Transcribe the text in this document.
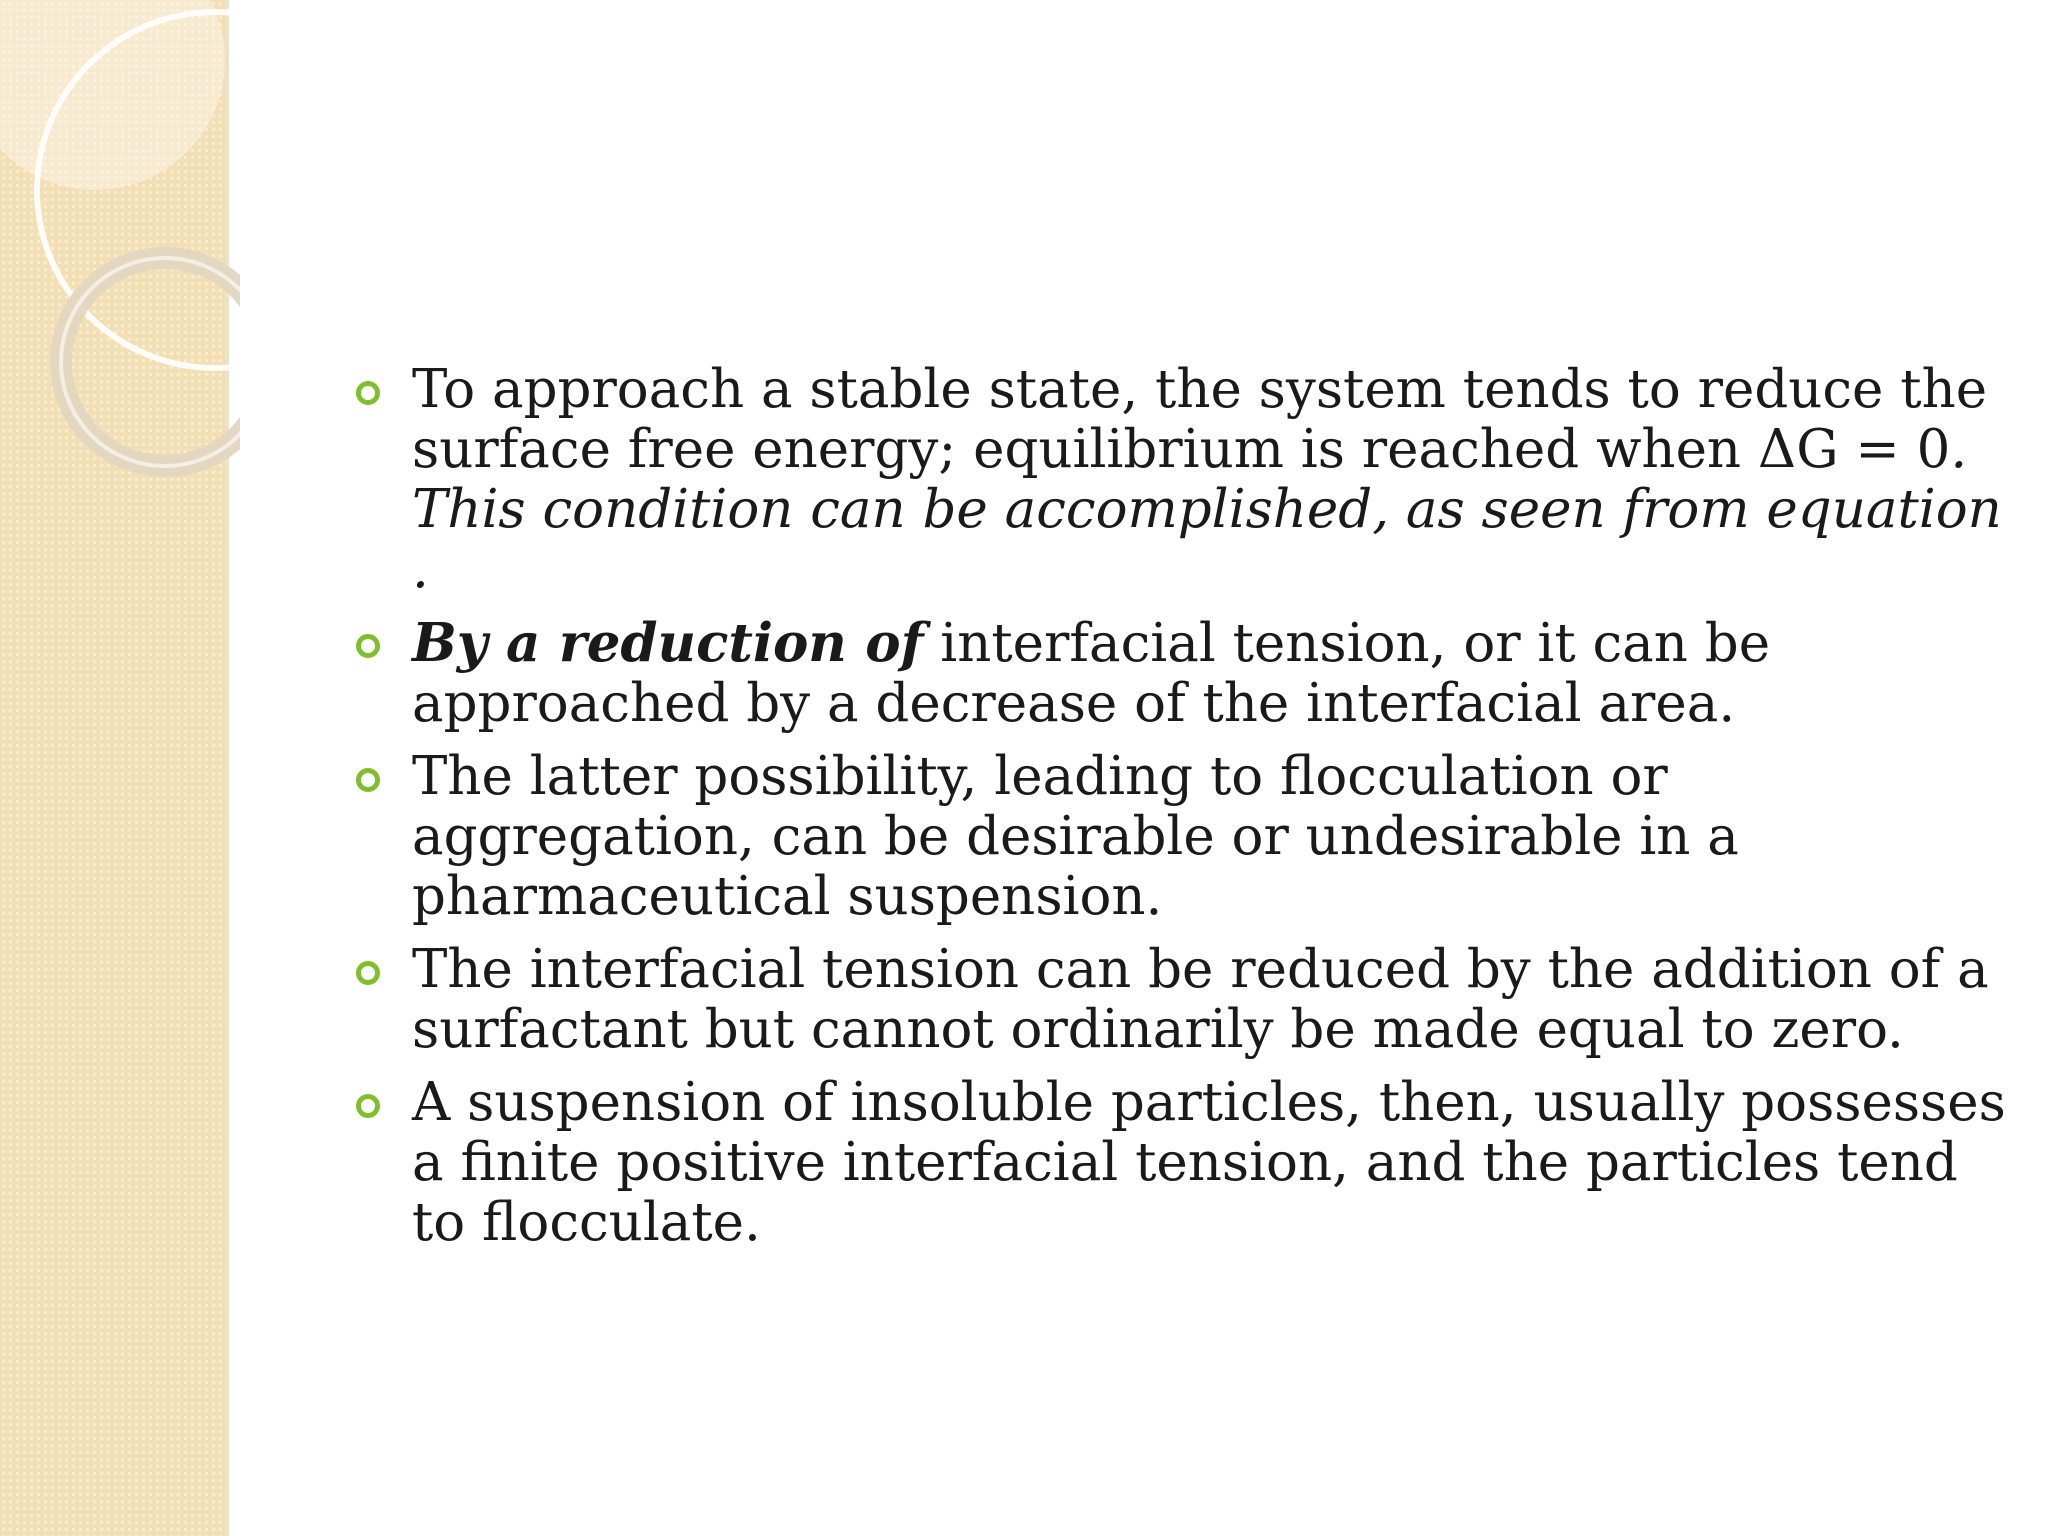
To approach a stable state, the system tends to reduce the surface free energy; equilibrium is reached when ΔG = 0. This condition can be accomplished, as seen from equation .
By a reduction of interfacial tension, or it can be approached by a decrease of the interfacial area.
The latter possibility, leading to flocculation or aggregation, can be desirable or undesirable in a pharmaceutical suspension.
The interfacial tension can be reduced by the addition of a surfactant but cannot ordinarily be made equal to zero.
A suspension of insoluble particles, then, usually possesses a finite positive interfacial tension, and the particles tend to flocculate.
